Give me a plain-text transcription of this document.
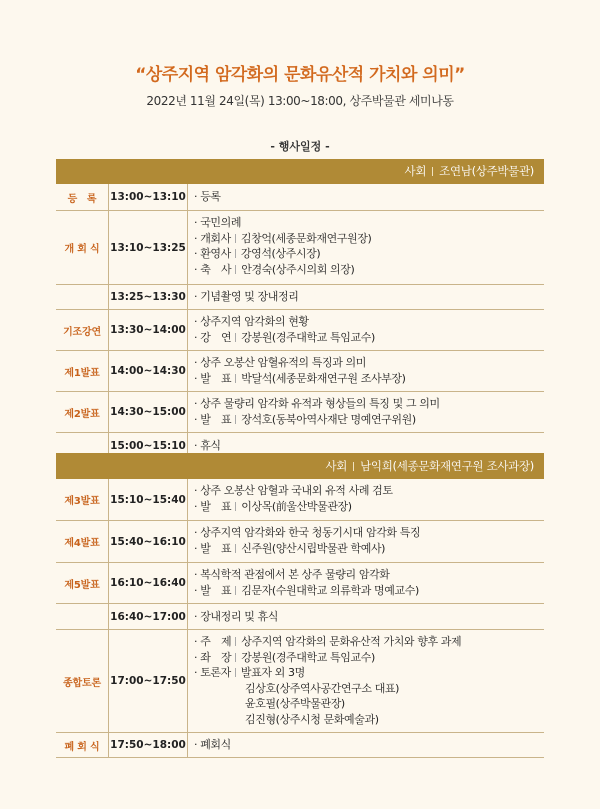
“상주지역 암각화의 문화유산적 가치와 의미”
2022년 11월 24일(목) 13:00~18:00, 상주박물관 세미나동
- 행사일정 -
사회 조연남(상주박물관)
등　록	13:00~13:10 · 등록
개 회 식	13:10~13:25
· 국민의례
· 개회사 김창억(세종문화재연구원장)
· 환영사 강영석(상주시장)
· 축　사 안경숙(상주시의회 의장)
13:25~13:30 · 기념촬영 및 장내정리
기조강연 13:30~14:00
· 상주지역 암각화의 현황
· 강　연 강봉원(경주대학교 특임교수)
제1발표	14:00~14:30
· 상주 오봉산 암혈유적의 특징과 의미
· 발　표 박달석(세종문화재연구원 조사부장)
제2발표	14:30~15:00
· 상주 물량리 암각화 유적과 형상들의 특징 및 그 의미
· 발　표 장석호(동북아역사재단 명예연구위원)
15:00~15:10 · 휴식
사회 남익희(세종문화재연구원 조사과장)
제3발표	15:10~15:40
· 상주 오봉산 암혈과 국내외 유적 사례 검토
· 발　표 이상목(前울산박물관장)
제4발표	15:40~16:10
· 상주지역 암각화와 한국 청동기시대 암각화 특징
· 발　표 신주원(양산시립박물관 학예사)
제5발표	16:10~16:40
· 복식학적 관점에서 본 상주 물량리 암각화
· 발　표 김문자(수원대학교 의류학과 명예교수)
16:40~17:00 · 장내정리 및 휴식
종합토론 17:00~17:50
· 주　제 상주지역 암각화의 문화유산적 가치와 향후 과제
· 좌　장 강봉원(경주대학교 특임교수)
· 토론자 발표자 외 3명
김상호(상주역사공간연구소 대표)
윤호필(상주박물관장)
김진형(상주시청 문화예술과)
폐 회 식	17:50~18:00 · 폐회식
